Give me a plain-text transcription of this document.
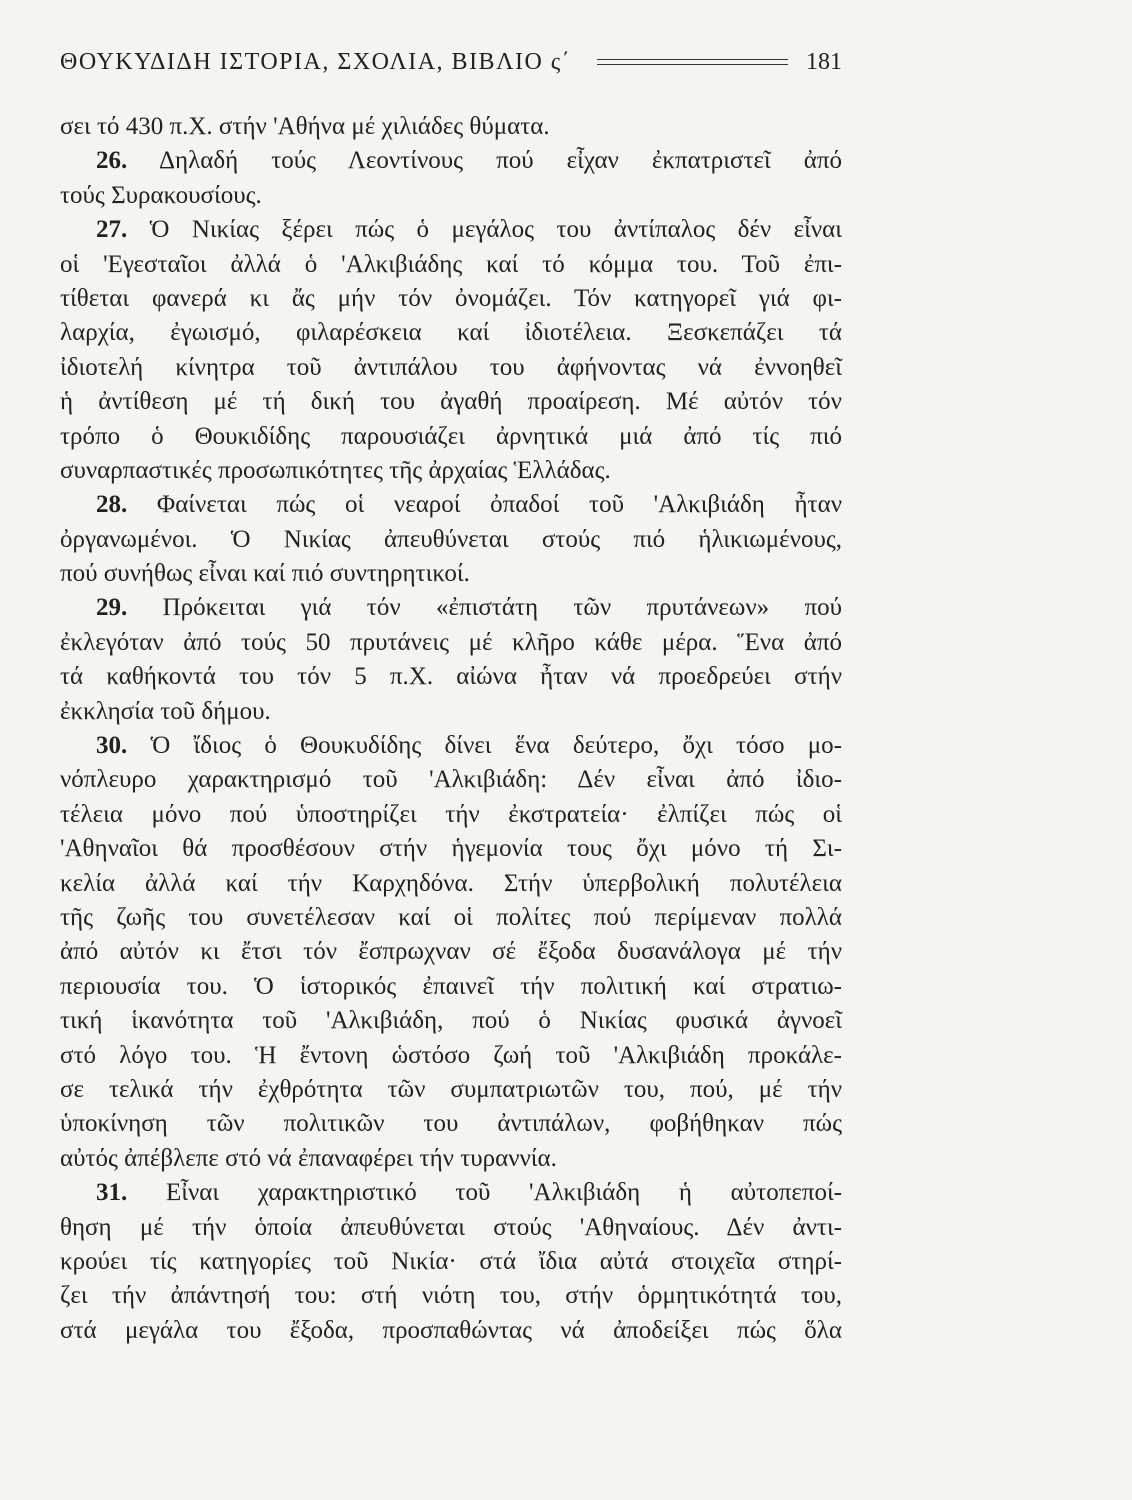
ΘΟΥΚΥΔΙΔΗ ΙΣΤΟΡΙΑ, ΣΧΟΛΙΑ, ΒΙΒΛΙΟ ς΄	181
σει τό 430 π.Χ. στήν 'Αθήνα μέ χιλιάδες θύματα.
26. Δηλαδή τούς Λεοντίνους πού εἶχαν ἐκπατριστεῖ ἀπό
τούς Συρακουσίους.
27. Ὁ Νικίας ξέρει πώς ὁ μεγάλος του ἀντίπαλος δέν εἶναι
οἱ 'Εγεσταῖοι ἀλλά ὁ 'Αλκιβιάδης καί τό κόμμα του. Τοῦ ἐπι-
τίθεται φανερά κι ἄς μήν τόν ὀνομάζει. Τόν κατηγορεῖ γιά φι-
λαρχία, ἐγωισμό, φιλαρέσκεια καί ἰδιοτέλεια. Ξεσκεπάζει τά
ἰδιοτελή κίνητρα τοῦ ἀντιπάλου του ἀφήνοντας νά ἐννοηθεῖ
ἡ ἀντίθεση μέ τή δική του ἀγαθή προαίρεση. Μέ αὐτόν τόν
τρόπο ὁ Θουκιδίδης παρουσιάζει ἀρνητικά μιά ἀπό τίς πιό
συναρπαστικές προσωπικότητες τῆς ἀρχαίας Ἑλλάδας.
28. Φαίνεται πώς οἱ νεαροί ὀπαδοί τοῦ 'Αλκιβιάδη ἦταν
ὀργανωμένοι. Ὁ Νικίας ἀπευθύνεται στούς πιό ἡλικιωμένους,
πού συνήθως εἶναι καί πιό συντηρητικοί.
29. Πρόκειται γιά τόν «ἐπιστάτη τῶν πρυτάνεων» πού
ἐκλεγόταν ἀπό τούς 50 πρυτάνεις μέ κλῆρο κάθε μέρα. Ἕνα ἀπό
τά καθήκοντά του τόν 5 π.Χ. αἰώνα ἦταν νά προεδρεύει στήν
ἐκκλησία τοῦ δήμου.
30. Ὁ ἴδιος ὁ Θουκυδίδης δίνει ἕνα δεύτερο, ὄχι τόσο μο-
νόπλευρο χαρακτηρισμό τοῦ 'Αλκιβιάδη: Δέν εἶναι ἀπό ἰδιο-
τέλεια μόνο πού ὑποστηρίζει τήν ἐκστρατεία· ἐλπίζει πώς οἱ
'Αθηναῖοι θά προσθέσουν στήν ἡγεμονία τους ὄχι μόνο τή Σι-
κελία ἀλλά καί τήν Καρχηδόνα. Στήν ὑπερβολική πολυτέλεια
τῆς ζωῆς του συνετέλεσαν καί οἱ πολίτες πού περίμεναν πολλά
ἀπό αὐτόν κι ἔτσι τόν ἔσπρωχναν σέ ἔξοδα δυσανάλογα μέ τήν
περιουσία του. Ὁ ἱστορικός ἐπαινεῖ τήν πολιτική καί στρατιω-
τική ἱκανότητα τοῦ 'Αλκιβιάδη, πού ὁ Νικίας φυσικά ἀγνοεῖ
στό λόγο του. Ἡ ἔντονη ὡστόσο ζωή τοῦ 'Αλκιβιάδη προκάλε-
σε τελικά τήν ἐχθρότητα τῶν συμπατριωτῶν του, πού, μέ τήν
ὑποκίνηση τῶν πολιτικῶν του ἀντιπάλων, φοβήθηκαν πώς
αὐτός ἀπέβλεπε στό νά ἐπαναφέρει τήν τυραννία.
31. Εἶναι χαρακτηριστικό τοῦ 'Αλκιβιάδη ἡ αὐτοπεποί-
θηση μέ τήν ὁποία ἀπευθύνεται στούς 'Αθηναίους. Δέν ἀντι-
κρούει τίς κατηγορίες τοῦ Νικία· στά ἴδια αὐτά στοιχεῖα στηρί-
ζει τήν ἀπάντησή του: στή νιότη του, στήν ὁρμητικότητά του,
στά μεγάλα του ἔξοδα, προσπαθώντας νά ἀποδείξει πώς ὅλα
